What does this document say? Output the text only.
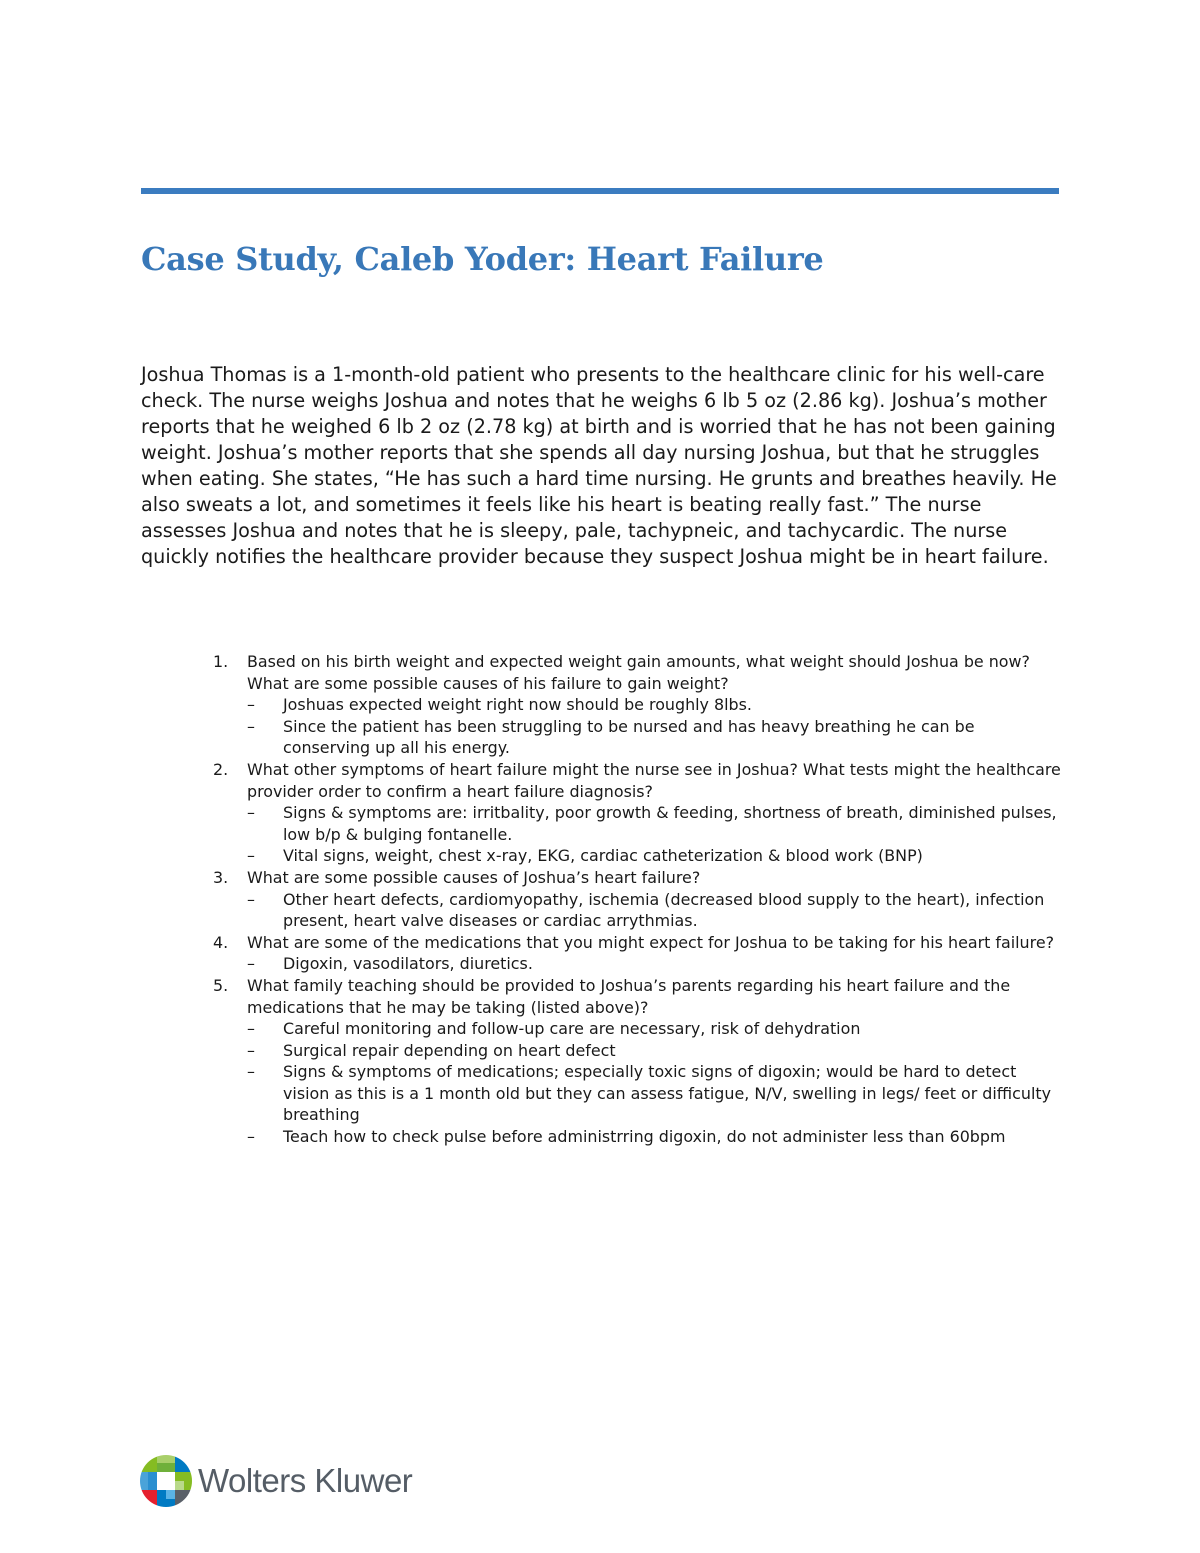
Case Study, Caleb Yoder: Heart Failure

Joshua Thomas is a 1-month-old patient who presents to the healthcare clinic for his well-care check. The nurse weighs Joshua and notes that he weighs 6 lb 5 oz (2.86 kg). Joshua’s mother reports that he weighed 6 lb 2 oz (2.78 kg) at birth and is worried that he has not been gaining weight. Joshua’s mother reports that she spends all day nursing Joshua, but that he struggles when eating. She states, “He has such a hard time nursing. He grunts and breathes heavily. He also sweats a lot, and sometimes it feels like his heart is beating really fast.” The nurse assesses Joshua and notes that he is sleepy, pale, tachypneic, and tachycardic. The nurse quickly notifies the healthcare provider because they suspect Joshua might be in heart failure.

1. Based on his birth weight and expected weight gain amounts, what weight should Joshua be now? What are some possible causes of his failure to gain weight?
– Joshuas expected weight right now should be roughly 8lbs.
– Since the patient has been struggling to be nursed and has heavy breathing he can be conserving up all his energy.
2. What other symptoms of heart failure might the nurse see in Joshua? What tests might the healthcare provider order to confirm a heart failure diagnosis?
– Signs & symptoms are: irritbality, poor growth & feeding, shortness of breath, diminished pulses, low b/p & bulging fontanelle.
– Vital signs, weight, chest x-ray, EKG, cardiac catheterization & blood work (BNP)
3. What are some possible causes of Joshua’s heart failure?
– Other heart defects, cardiomyopathy, ischemia (decreased blood supply to the heart), infection present, heart valve diseases or cardiac arrythmias.
4. What are some of the medications that you might expect for Joshua to be taking for his heart failure?
– Digoxin, vasodilators, diuretics.
5. What family teaching should be provided to Joshua’s parents regarding his heart failure and the medications that he may be taking (listed above)?
– Careful monitoring and follow-up care are necessary, risk of dehydration
– Surgical repair depending on heart defect
– Signs & symptoms of medications; especially toxic signs of digoxin; would be hard to detect vision as this is a 1 month old but they can assess fatigue, N/V, swelling in legs/ feet or difficulty breathing
– Teach how to check pulse before administrring digoxin, do not administer less than 60bpm
Wolters Kluwer
